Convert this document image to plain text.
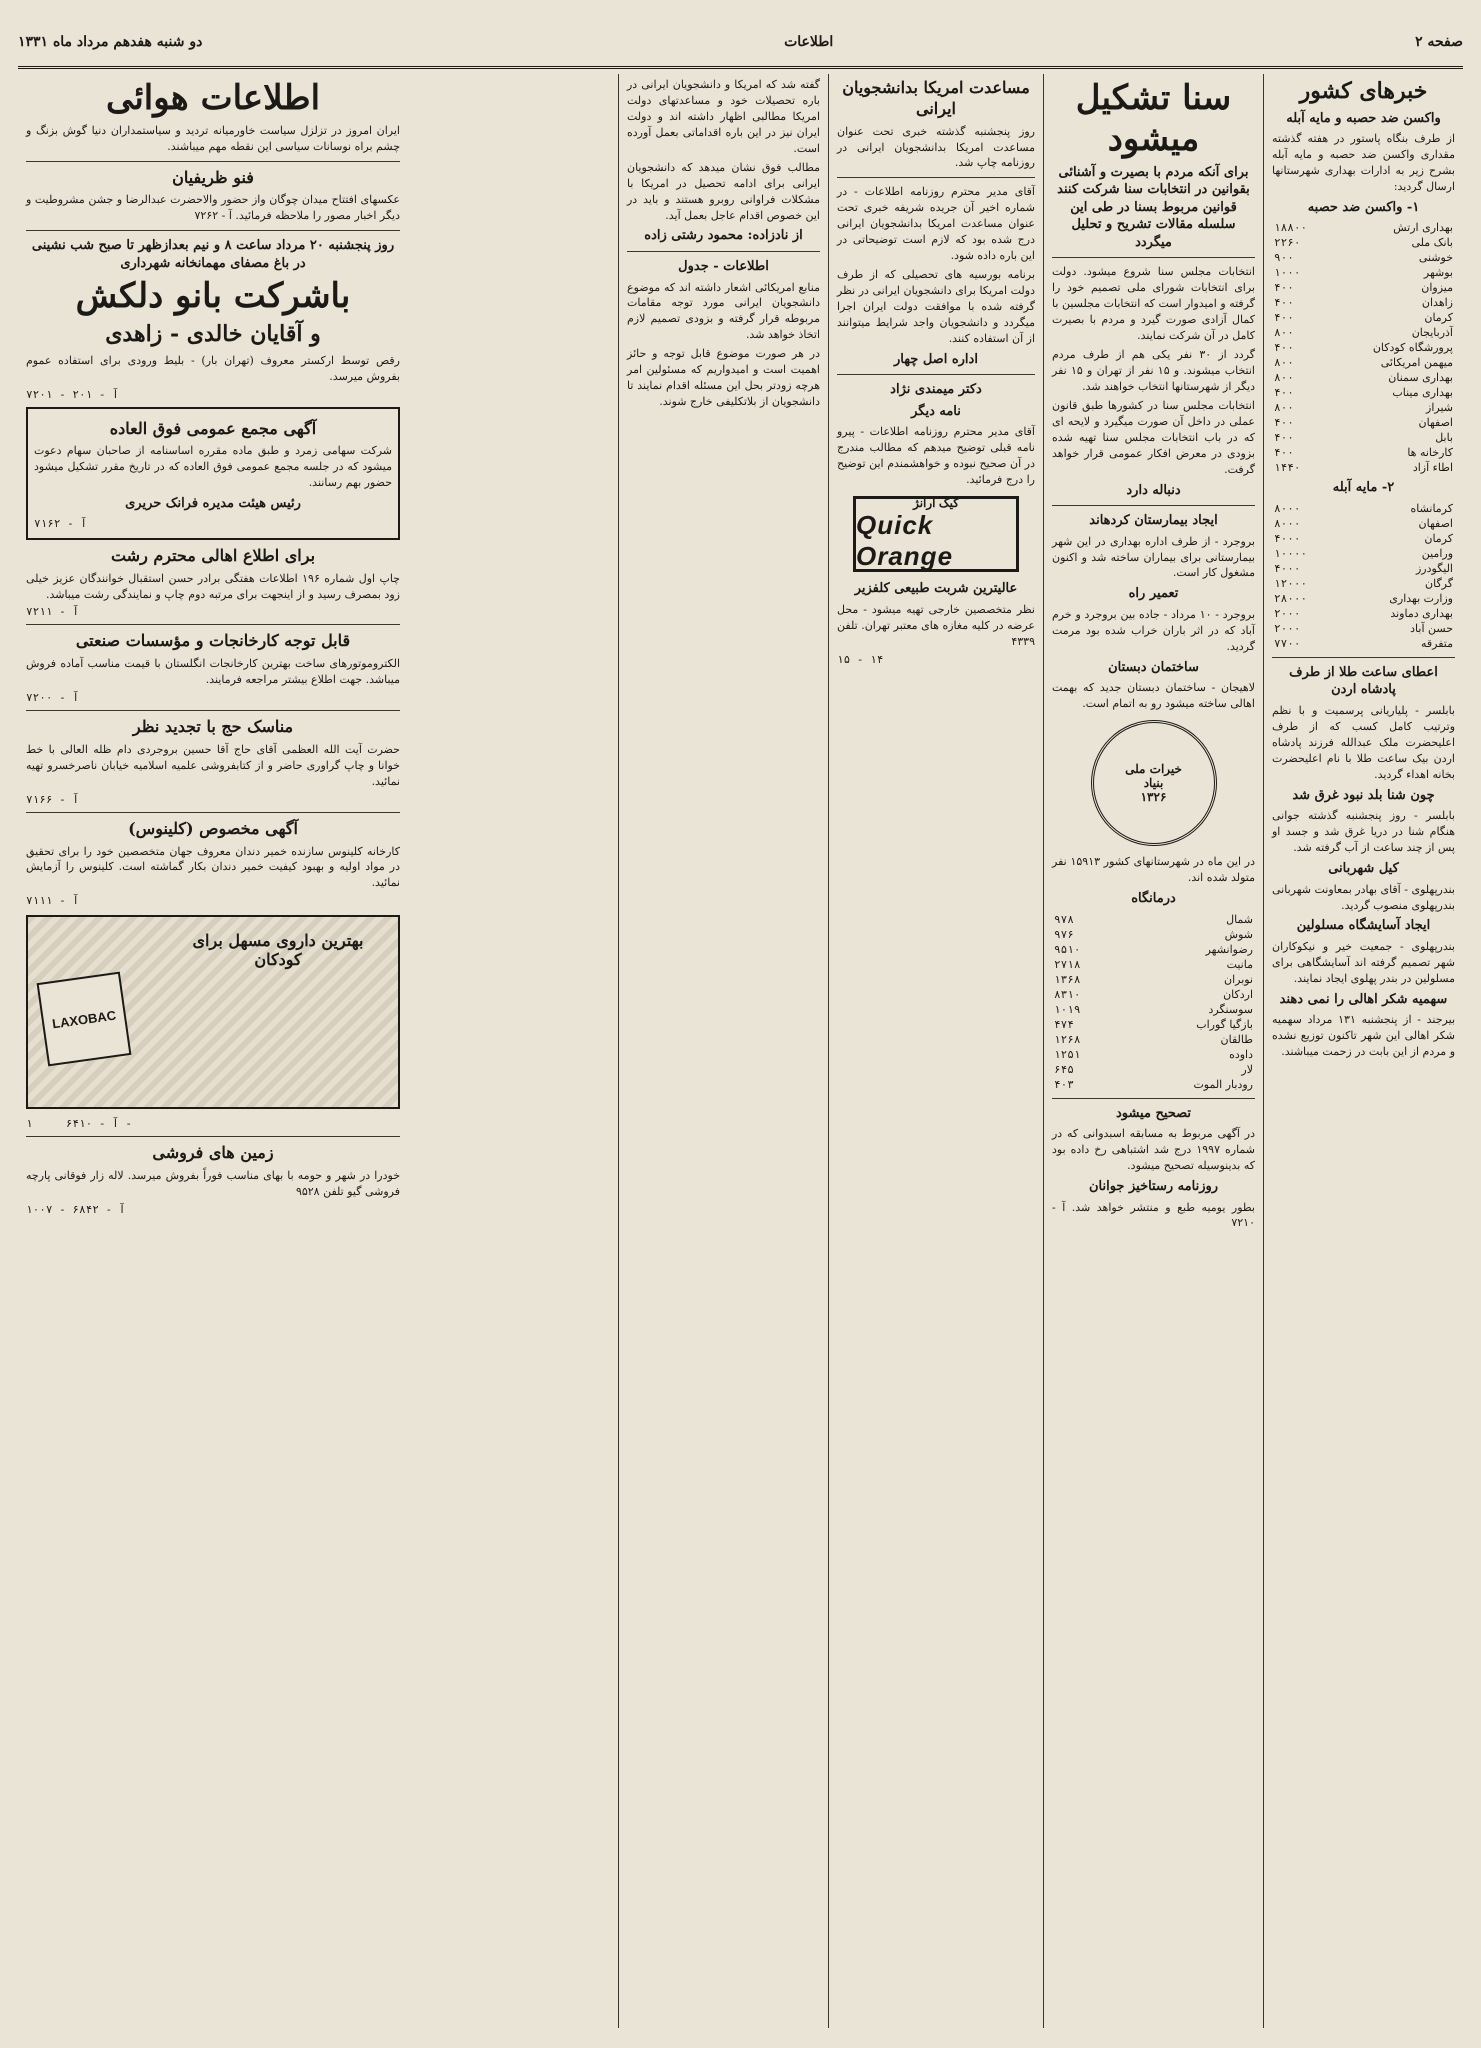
صفحه ۲
اطلاعات
دو شنبه هفدهم مرداد ماه ۱۳۳۱
خبرهای کشور
واکسن ضد حصبه و مایه آبله

از طرف بنگاه پاستور در هفته گذشته مقداری واکسن ضد حصبه و مایه آبله بشرح زیر به ادارات بهداری شهرستانها ارسال گردید:

۱- واکسن ضد حصبه
بهداری ارتش	۱۸۸۰۰
بانک ملی	۲۲۶۰
خوشنی	۹۰۰
بوشهر	۱۰۰۰
میزوان	۴۰۰
زاهدان	۴۰۰
کرمان	۴۰۰
آذربایجان	۸۰۰
پرورشگاه کودکان	۴۰۰
میهمن امریکائی	۸۰۰
بهداری سمنان	۸۰۰
بهداری میناب	۴۰۰
شیراز	۸۰۰
اصفهان	۴۰۰
بابل	۴۰۰
کارخانه ها	۴۰۰
اطاء آزاد	۱۴۴۰
۲- مایه آبله
کرمانشاه	۸۰۰۰
اصفهان	۸۰۰۰
کرمان	۴۰۰۰
ورامین	۱۰۰۰۰
الیگودرز	۴۰۰۰
گرگان	۱۲۰۰۰
وزارت بهداری	۲۸۰۰۰
بهداری دماوند	۲۰۰۰
حسن آباد	۲۰۰۰
متفرقه	۷۷۰۰
اعطای ساعت طلا از طرف پادشاه اردن

بابلسر - پلیاریانی پرسمیت و با نظم وترتیب کامل کسب که از طرف اعلیحضرت ملک عبدالله فرزند پادشاه اردن بیک ساعت طلا با نام اعلیحضرت بخانه اهداء گردید.

چون شنا بلد نبود غرق شد

بابلسر - روز پنجشنبه گذشته جوانی هنگام شنا در دریا غرق شد و جسد او پس از چند ساعت از آب گرفته شد.

کیل شهربانی

بندرپهلوی - آقای بهادر بمعاونت شهربانی بندرپهلوی منصوب گردید.

ایجاد آسایشگاه مسلولین

بندرپهلوی - جمعیت خیر و نیکوکاران شهر تصمیم گرفته اند آسایشگاهی برای مسلولین در بندر پهلوی ایجاد نمایند.

سهمیه شکر اهالی را نمی دهند

بیرجند - از پنجشنبه ۱۳۱ مرداد سهمیه شکر اهالی این شهر تاکنون توزیع نشده و مردم از این بابت در زحمت میباشند.

سنا تشکیل میشود
برای آنکه مردم با بصیرت و آشنائی بقوانین در انتخابات سنا شرکت کنند قوانین مربوط بسنا در طی این سلسله مقالات تشریح و تحلیل میگردد

انتخابات مجلس سنا شروع میشود. دولت برای انتخابات شورای ملی تصمیم خود را گرفته و امیدوار است که انتخابات مجلسین با کمال آزادی صورت گیرد و مردم با بصیرت کامل در آن شرکت نمایند.

گردد از ۳۰ نفر یکی هم از طرف مردم انتخاب میشوند. و ۱۵ نفر از تهران و ۱۵ نفر دیگر از شهرستانها انتخاب خواهند شد.

انتخابات مجلس سنا در کشورها طبق قانون عملی در داخل آن صورت میگیرد و لایحه ای که در باب انتخابات مجلس سنا تهیه شده بزودی در معرض افکار عمومی قرار خواهد گرفت.

دنباله دارد
ایجاد بیمارستان کردهاند

بروجرد - از طرف اداره بهداری در این شهر بیمارستانی برای بیماران ساخته شد و اکنون مشغول کار است.

تعمیر راه

بروجرد - ۱۰ مرداد - جاده بین بروجرد و خرم آباد که در اثر باران خراب شده بود مرمت گردید.

ساختمان دبستان

لاهیجان - ساختمان دبستان جدید که بهمت اهالی ساخته میشود رو به اتمام است.

خیرات ملی
بنیاد
۱۳۲۶

در این ماه در شهرستانهای کشور ۱۵۹۱۳ نفر متولد شده اند.

درمانگاه
شمال	۹۷۸
شوش	۹۷۶
رضوانشهر	۹۵۱۰
مانیت	۲۷۱۸
نوبران	۱۳۶۸
اردکان	۸۳۱۰
سوسنگرد	۱۰۱۹
بازگیا گوراب	۴۷۴
طالقان	۱۲۶۸
داوده	۱۲۵۱
لار	۶۴۵
رودبار الموت	۴۰۳
تصحیح میشود

در آگهی مربوط به مسابقه اسبدوانی که در شماره ۱۹۹۷ درج شد اشتباهی رخ داده بود که بدینوسیله تصحیح میشود.

روزنامه رستاخیز جوانان

بطور یومیه طبع و منتشر خواهد شد. آ - ۷۲۱۰

مساعدت امریکا بدانشجویان ایرانی

روز پنجشنبه گذشته خبری تحت عنوان مساعدت امریکا بدانشجویان ایرانی در روزنامه چاپ شد.

آقای مدیر محترم روزنامه اطلاعات - در شماره اخیر آن جریده شریفه خبری تحت عنوان مساعدت امریکا بدانشجویان ایرانی درج شده بود که لازم است توضیحاتی در این باره داده شود.

برنامه بورسیه های تحصیلی که از طرف دولت امریکا برای دانشجویان ایرانی در نظر گرفته شده با موافقت دولت ایران اجرا میگردد و دانشجویان واجد شرایط میتوانند از آن استفاده کنند.

اداره اصل چهار
دکتر میمندی نژاد
نامه دیگر

آقای مدیر محترم روزنامه اطلاعات - پیرو نامه قبلی توضیح میدهم که مطالب مندرج در آن صحیح نبوده و خواهشمندم این توضیح را درج فرمائید.

کیک ارانژ
Quick Orange
عالیترین شربت طبیعی کلفزیر

نظر متخصصین خارجی تهیه میشود - محل عرضه در کلیه مغازه های معتبر تهران. تلفن ۴۳۳۹

۱۵ - ۱۴

گفته شد که امریکا و دانشجویان ایرانی در باره تحصیلات خود و مساعدتهای دولت امریکا مطالبی اظهار داشته اند و دولت ایران نیز در این باره اقداماتی بعمل آورده است.

مطالب فوق نشان میدهد که دانشجویان ایرانی برای ادامه تحصیل در امریکا با مشکلات فراوانی روبرو هستند و باید در این خصوص اقدام عاجل بعمل آید.

از نادزاده: محمود رشتی زاده
اطلاعات - جدول

منابع امریکائی اشعار داشته اند که موضوع دانشجویان ایرانی مورد توجه مقامات مربوطه قرار گرفته و بزودی تصمیم لازم اتخاذ خواهد شد.

در هر صورت موضوع قابل توجه و حائز اهمیت است و امیدواریم که مسئولین امر هرچه زودتر بحل این مسئله اقدام نمایند تا دانشجویان از بلاتکلیفی خارج شوند.

اطلاعات هوائی

ایران امروز در تزلزل سیاست خاورمیانه تردید و سیاستمداران دنیا گوش بزنگ و چشم براه نوسانات سیاسی این نقطه مهم میباشند.

فنو ظریفیان

عکسهای افتتاح میدان چوگان واز حضور والاحضرت عبدالرضا و جشن مشروطیت و دیگر اخبار مصور را ملاحظه فرمائید. آ - ۷۲۶۲

روز پنجشنبه ۲۰ مرداد ساعت ۸ و نیم بعدازظهر تا صبح شب نشینی در باغ مصفای مهمانخانه شهرداری
باشرکت بانو دلکش
و آقایان خالدی - زاهدی

رقص توسط ارکستر معروف (تهران بار) - بلیط ورودی برای استفاده عموم بفروش میرسد.

آ - ۲۰۱ - ۷۲۰۱
آگهی مجمع عمومی فوق العاده

شرکت سهامی زمرد و طبق ماده مقرره اساسنامه از صاحبان سهام دعوت میشود که در جلسه مجمع عمومی فوق العاده که در تاریخ مقرر تشکیل میشود حضور بهم رسانند.

رئیس هیئت مدیره فرانک حریری
آ - ۷۱۶۲
برای اطلاع اهالی محترم رشت

چاپ اول شماره ۱۹۶ اطلاعات هفتگی برادر حسن استقبال خوانندگان عزیز خیلی زود بمصرف رسید و از اینجهت برای مرتبه دوم چاپ و نمایندگی رشت میباشد.

آ - ۷۲۱۱
قابل توجه کارخانجات و مؤسسات صنعتی

الکتروموتورهای ساخت بهترین کارخانجات انگلستان با قیمت مناسب آماده فروش میباشد. جهت اطلاع بیشتر مراجعه فرمایند.

آ - ۷۲۰۰
مناسک حج با تجدید نظر

حضرت آیت الله العظمی آقای حاج آقا حسین بروجردی دام ظله العالی با خط خوانا و چاپ گراوری حاضر و از کتابفروشی علمیه اسلامیه خیابان ناصرخسرو تهیه نمائید.

آ - ۷۱۶۶
آگهی مخصوص (کلینوس)

کارخانه کلینوس سازنده خمیر دندان معروف جهان متخصصین خود را برای تحقیق در مواد اولیه و بهبود کیفیت خمیر دندان بکار گماشته است. کلینوس را آزمایش نمائید.

آ - ۷۱۱۱
بهترین داروی مسهل برای کودکان
LAXOBAC
آ - ۶۴۱۰     ۱ -
زمین های فروشی

خودرا در شهر و حومه با بهای مناسب فوراً بفروش میرسد. لاله زار فوقانی پارچه فروشی گیو تلفن ۹۵۲۸

آ - ۶۸۴۲ - ۱۰۰۷
